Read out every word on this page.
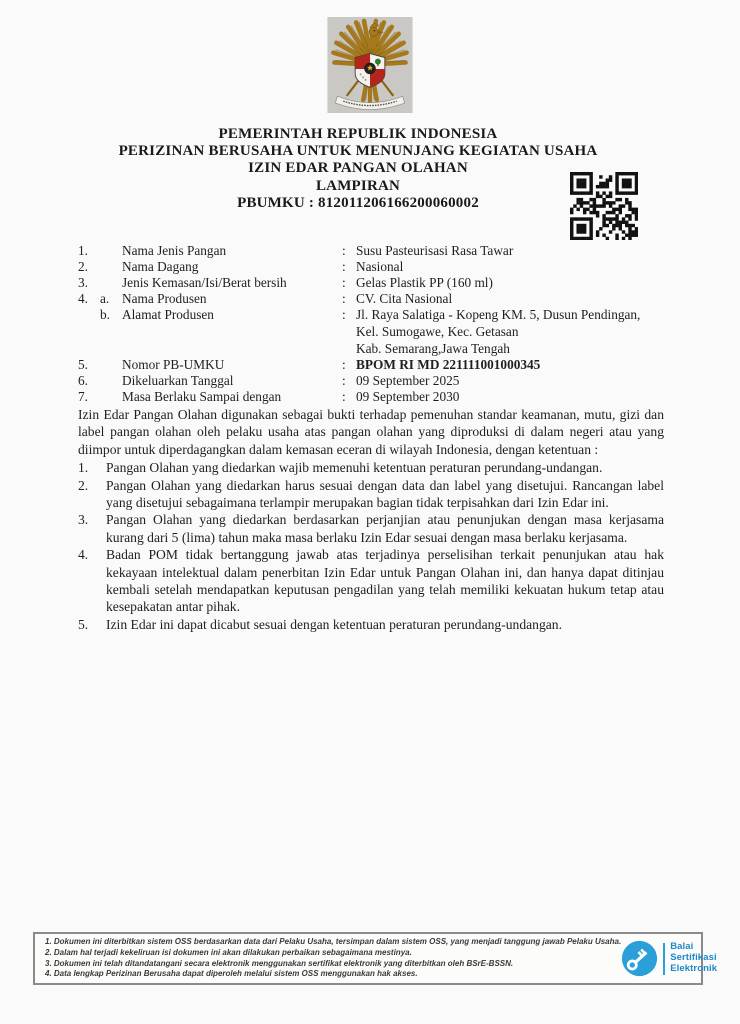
PEMERINTAH REPUBLIK INDONESIA
PERIZINAN BERUSAHA UNTUK MENUNJANG KEGIATAN USAHA
IZIN EDAR PANGAN OLAHAN
LAMPIRAN
PBUMKU : 812011206166200060002
1.	Nama Jenis Pangan	: Susu Pasteurisasi Rasa Tawar
2.	Nama Dagang	: Nasional
3.	Jenis Kemasan/Isi/Berat bersih	: Gelas Plastik PP (160 ml)
4. a. Nama Produsen	: CV. Cita Nasional
b. Alamat Produsen	: Jl. Raya Salatiga - Kopeng KM. 5, Dusun Pendingan,
Kel. Sumogawe, Kec. Getasan
Kab. Semarang,Jawa Tengah
5.	Nomor PB-UMKU	: BPOM RI MD 221111001000345
6.	Dikeluarkan Tanggal	: 09 September 2025
7.	Masa Berlaku Sampai dengan	: 09 September 2030
Izin Edar Pangan Olahan digunakan sebagai bukti terhadap pemenuhan standar keamanan, mutu, gizi dan label pangan olahan oleh pelaku usaha atas pangan olahan yang diproduksi di dalam negeri atau yang diimpor untuk diperdagangkan dalam kemasan eceran di wilayah Indonesia, dengan ketentuan :
1.	Pangan Olahan yang diedarkan wajib memenuhi ketentuan peraturan perundang-undangan.
2.	Pangan Olahan yang diedarkan harus sesuai dengan data dan label yang disetujui. Rancangan label yang disetujui sebagaimana terlampir merupakan bagian tidak terpisahkan dari Izin Edar ini.
3.	Pangan Olahan yang diedarkan berdasarkan perjanjian atau penunjukan dengan masa kerjasama kurang dari 5 (lima) tahun maka masa berlaku Izin Edar sesuai dengan masa berlaku kerjasama.
4.	Badan POM tidak bertanggung jawab atas terjadinya perselisihan terkait penunjukan atau hak kekayaan intelektual dalam penerbitan Izin Edar untuk Pangan Olahan ini, dan hanya dapat ditinjau kembali setelah mendapatkan keputusan pengadilan yang telah memiliki kekuatan hukum tetap atau kesepakatan antar pihak.
5.	Izin Edar ini dapat dicabut sesuai dengan ketentuan peraturan perundang-undangan.
1. Dokumen ini diterbitkan sistem OSS berdasarkan data dari Pelaku Usaha, tersimpan dalam sistem OSS, yang menjadi tanggung jawab Pelaku Usaha.
2. Dalam hal terjadi kekeliruan isi dokumen ini akan dilakukan perbaikan sebagaimana mestinya.
3. Dokumen ini telah ditandatangani secara elektronik menggunakan sertifikat elektronik yang diterbitkan oleh BSrE-BSSN.
4. Data lengkap Perizinan Berusaha dapat diperoleh melalui sistem OSS menggunakan hak akses.
Balai
Sertifikasi
Elektronik
